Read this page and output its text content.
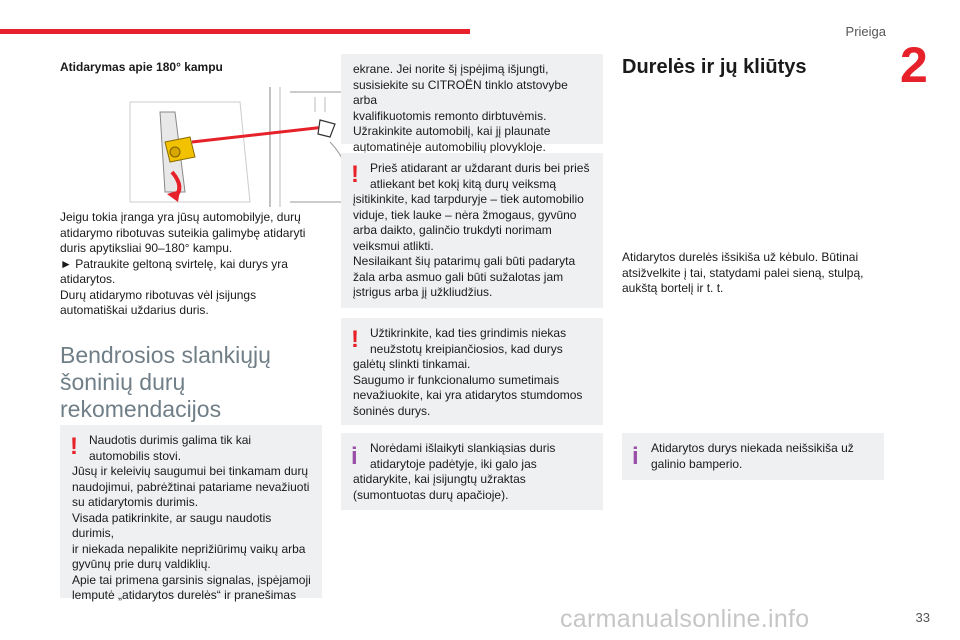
Prieiga
2
33
Atidarymas apie 180° kampu

Jeigu tokia įranga yra jūsų automobilyje, durų
atidarymo ribotuvas suteikia galimybę atidaryti
duris apytiksliai 90–180° kampu.
► Patraukite geltoną svirtelę, kai durys yra
atidarytos.
Durų atidarymo ribotuvas vėl įsijungs
automatiškai uždarius duris.

Bendrosios slankiųjų
šoninių durų
rekomendacijos
! Naudotis durimis galima tik kai
automobilis stovi.
Jūsų ir keleivių saugumui bei tinkamam durų
naudojimui, pabrėžtinai patariame nevažiuoti
su atidarytomis durimis.
Visada patikrinkite, ar saugu naudotis durimis,
ir niekada nepalikite neprižiūrimų vaikų arba
gyvūnų prie durų valdiklių.
Apie tai primena garsinis signalas, įspėjamoji
lemputė „atidarytos durelės“ ir pranešimas
ekrane. Jei norite šį įspėjimą išjungti,
susisiekite su CITROËN tinklo atstovybe arba
kvalifikuotomis remonto dirbtuvėmis.
Užrakinkite automobilį, kai jį plaunate
automatinėje automobilių plovykloje.
! Prieš atidarant ar uždarant duris bei prieš
atliekant bet kokį kitą durų veiksmą
įsitikinkite, kad tarpduryje – tiek automobilio
viduje, tiek lauke – nėra žmogaus, gyvūno
arba daikto, galinčio trukdyti norimam
veiksmui atlikti.
Nesilaikant šių patarimų gali būti padaryta
žala arba asmuo gali būti sužalotas jam
įstrigus arba jį užkliudžius.
! Užtikrinkite, kad ties grindimis niekas
neužstotų kreipiančiosios, kad durys
galėtų slinkti tinkamai.
Saugumo ir funkcionalumo sumetimais
nevažiuokite, kai yra atidarytos stumdomos
šoninės durys.
i	Norėdami išlaikyti slankiąsias duris
atidarytoje padėtyje, iki galo jas
atidarykite, kai įsijungtų užraktas
(sumontuotas durų apačioje).
Durelės ir jų kliūtys

Atidarytos durelės išsikiša už kėbulo. Būtinai
atsižvelkite į tai, statydami palei sieną, stulpą,
aukštą bortelį ir t. t.

i	Atidarytos durys niekada neišsikiša už
galinio bamperio.
carmanualsonline.info
